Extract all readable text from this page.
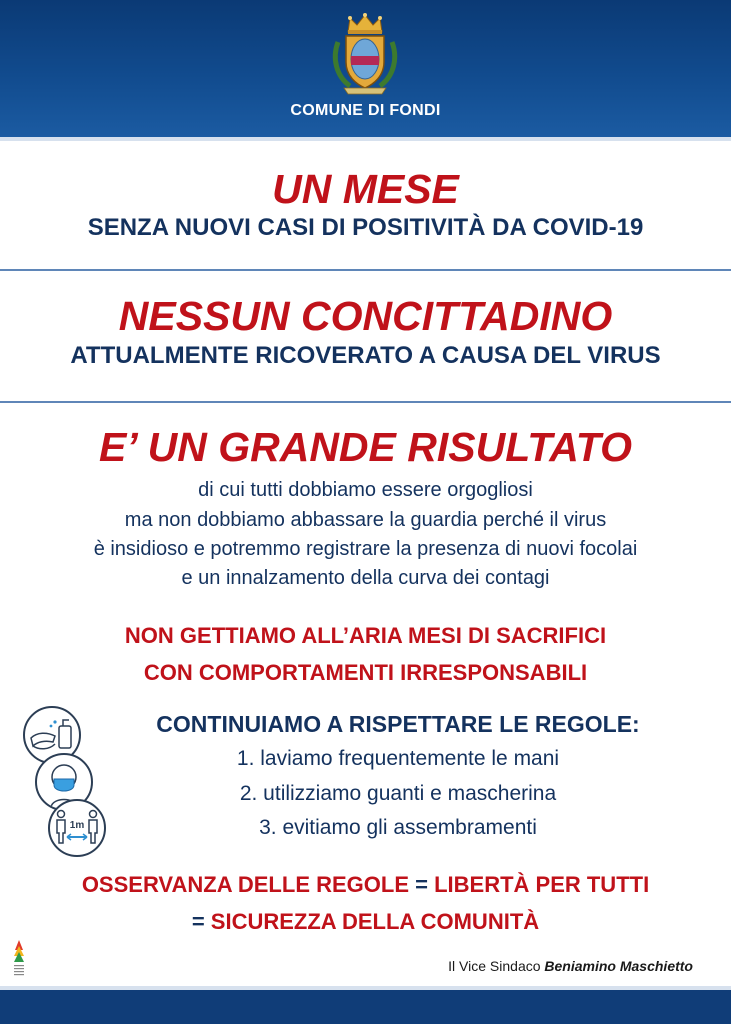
COMUNE DI FONDI
UN MESE
SENZA NUOVI CASI DI POSITIVITÀ DA COVID-19
NESSUN CONCITTADINO
ATTUALMENTE RICOVERATO A CAUSA DEL VIRUS
E’ UN GRANDE RISULTATO
di cui tutti dobbiamo essere orgogliosi
ma non dobbiamo abbassare la guardia perché il virus
è insidioso e potremmo registrare la presenza di nuovi focolai
e un innalzamento della curva dei contagi
NON GETTIAMO ALL’ARIA MESI DI SACRIFICI
CON COMPORTAMENTI IRRESPONSABILI
1m
CONTINUIAMO A RISPETTARE LE REGOLE:
1. laviamo frequentemente le mani
2. utilizziamo guanti e mascherina
3. evitiamo gli assembramenti
OSSERVANZA DELLE REGOLE = LIBERTÀ PER TUTTI
= SICUREZZA DELLA COMUNITÀ
Il Vice Sindaco Beniamino Maschietto
